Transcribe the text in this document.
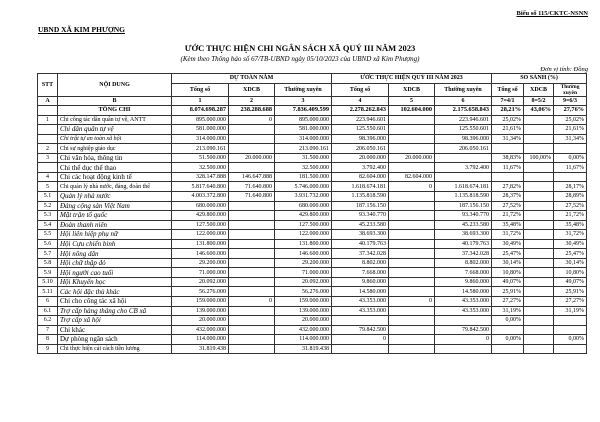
Biểu số 115/CKTC-NSNN
UBND XÃ KIM PHƯỢNG
ƯỚC THỰC HIỆN CHI NGÂN SÁCH XÃ QUÝ III NĂM 2023
(Kèm theo Thông báo số 67/TB-UBND ngày 05/10/2023 của UBND xã Kim Phượng)
Đơn vị tính: Đồng
STT	NỘI DUNG	DỰ TOÁN NĂM			ƯỚC THỰC HIỆN QUÝ III NĂM 2023			SO SÁNH (%)		
		Tổng số	XDCB	Thường xuyên	Tổng số	XDCB	Thường xuyên	Tổng số	XDCB	Thường xuyên
A	B	1	2	3	4	5	6	7=4/1	8=5/2	9=6/3
	TỔNG CHI	8.074.698.287	238.288.688	7.836.409.599	2.278.262.843	102.604.000	2.175.658.843	28,21%	43,06%	27,76%
1	Chi công tác dân quân tự vệ, ANTT	895.000.000	0	895.000.000	223.946.601		223.946.601	25,02%		25,02%
	Chi dân quân tự vệ	581.000.000		581.000.000	125.550.601		125.550.601	21,61%		21,61%
	Chi trật tự an toàn xã hội	314.000.000		314.000.000	98.396.000		98.396.000	31,34%		31,34%
2	Chi sự nghiệp giáo dục	213.090.161		213.090.161	206.050.161		206.050.161			
3	Chi văn hóa, thông tin	51.500.000	20.000.000	31.500.000	20.000.000	20.000.000		38,83%	100,00%	0,00%
	Chi thể dục thể thao	32.500.000		32.500.000	3.792.400		3.792.400	11,67%		11,67%
4	Chi các hoạt động kinh tế	328.147.888	146.647.888	181.500.000	82.604.000	82.604.000				
5	Chi quản lý nhà nước, đảng, đoàn thể	5.817.640.800	71.640.800	5.746.000.000	1.618.674.181	0	1.618.674.181	27,82%		28,17%
5.1	Quản lý nhà nước	4.003.372.800	71.640.800	3.931.732.000	1.135.818.590		1.135.818.590	28,37%		28,89%
5.2	Đảng cộng sản Việt Nam	680.000.000		680.000.000	187.156.150		187.156.150	27,52%		27,52%
5.3	Mặt trận tổ quốc	429.800.000		429.800.000	93.340.770		93.340.770	21,72%		21,72%
5.4	Đoàn thanh niên	127.500.000		127.500.000	45.233.580		45.233.580	35,48%		35,48%
5.5	Hội liên hiệp phụ nữ	122.000.000		122.000.000	38.693.300		38.693.300	31,72%		31,72%
5.6	Hội Cựu chiến binh	131.800.000		131.800.000	40.179.763		40.179.763	30,49%		30,49%
5.7	Hội nông dân	146.600.000		146.600.000	37.342.028		37.342.028	25,47%		25,47%
5.8	Hội chữ thập đỏ	29.200.000		29.200.000	8.802.000		8.802.000	30,14%		30,14%
5.9	Hội người cao tuổi	71.000.000		71.000.000	7.668.000		7.668.000	10,80%		10,80%
5.10	Hội Khuyến học	20.092.000		20.092.000	9.860.000		9.860.000	49,07%		49,07%
5.11	Các hội đặc thù khác	56.276.000		56.276.000	14.580.000		14.580.000	25,91%		25,91%
6	Chi cho công tác xã hội	159.000.000	0	159.000.000	43.353.000	0	43.353.000	27,27%		27,27%
6.1	Trợ cấp hàng tháng cho CB xã	139.000.000		139.000.000	43.353.000		43.353.000	31,19%		31,19%
6.2	Trợ cấp xã hội	20.000.000		20.000.000				0,00%		
7	Chi khác	432.000.000		432.000.000	79.842.500		79.842.500			
8	Dự phòng ngân sách	114.000.000		114.000.000	0		0	0,00%		0,00%
9	Chi thực hiện cải cách tiền lương	31.819.438		31.819.438						
